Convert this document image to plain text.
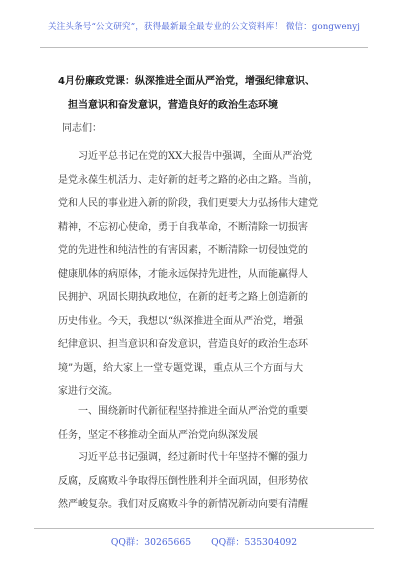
关注头条号“公文研究”，获得最新最全最专业的公文资料库！ 微信：gongwenyj
4月份廉政党课：纵深推进全面从严治党，增强纪律意识、
担当意识和奋发意识，营造良好的政治生态环境
同志们：
习近平总书记在党的XX大报告中强调，全面从严治党
是党永葆生机活力、走好新的赶考之路的必由之路。当前，
党和人民的事业进入新的阶段，我们更要大力弘扬伟大建党
精神，不忘初心使命，勇于自我革命，不断清除一切损害
党的先进性和纯洁性的有害因素，不断清除一切侵蚀党的
健康肌体的病原体，才能永远保持先进性，从而能赢得人
民拥护、巩固长期执政地位，在新的赶考之路上创造新的
历史伟业。今天，我想以“纵深推进全面从严治党，增强
纪律意识、担当意识和奋发意识，营造良好的政治生态环
境”为题，给大家上一堂专题党课，重点从三个方面与大
家进行交流。
一、围绕新时代新征程坚持推进全面从严治党的重要
任务，坚定不移推动全面从严治党向纵深发展
习近平总书记强调，经过新时代十年坚持不懈的强力
反腐，反腐败斗争取得压倒性胜利并全面巩固，但形势依
然严峻复杂。我们对反腐败斗争的新情况新动向要有清醒
QQ群：30265665 QQ群：535304092
